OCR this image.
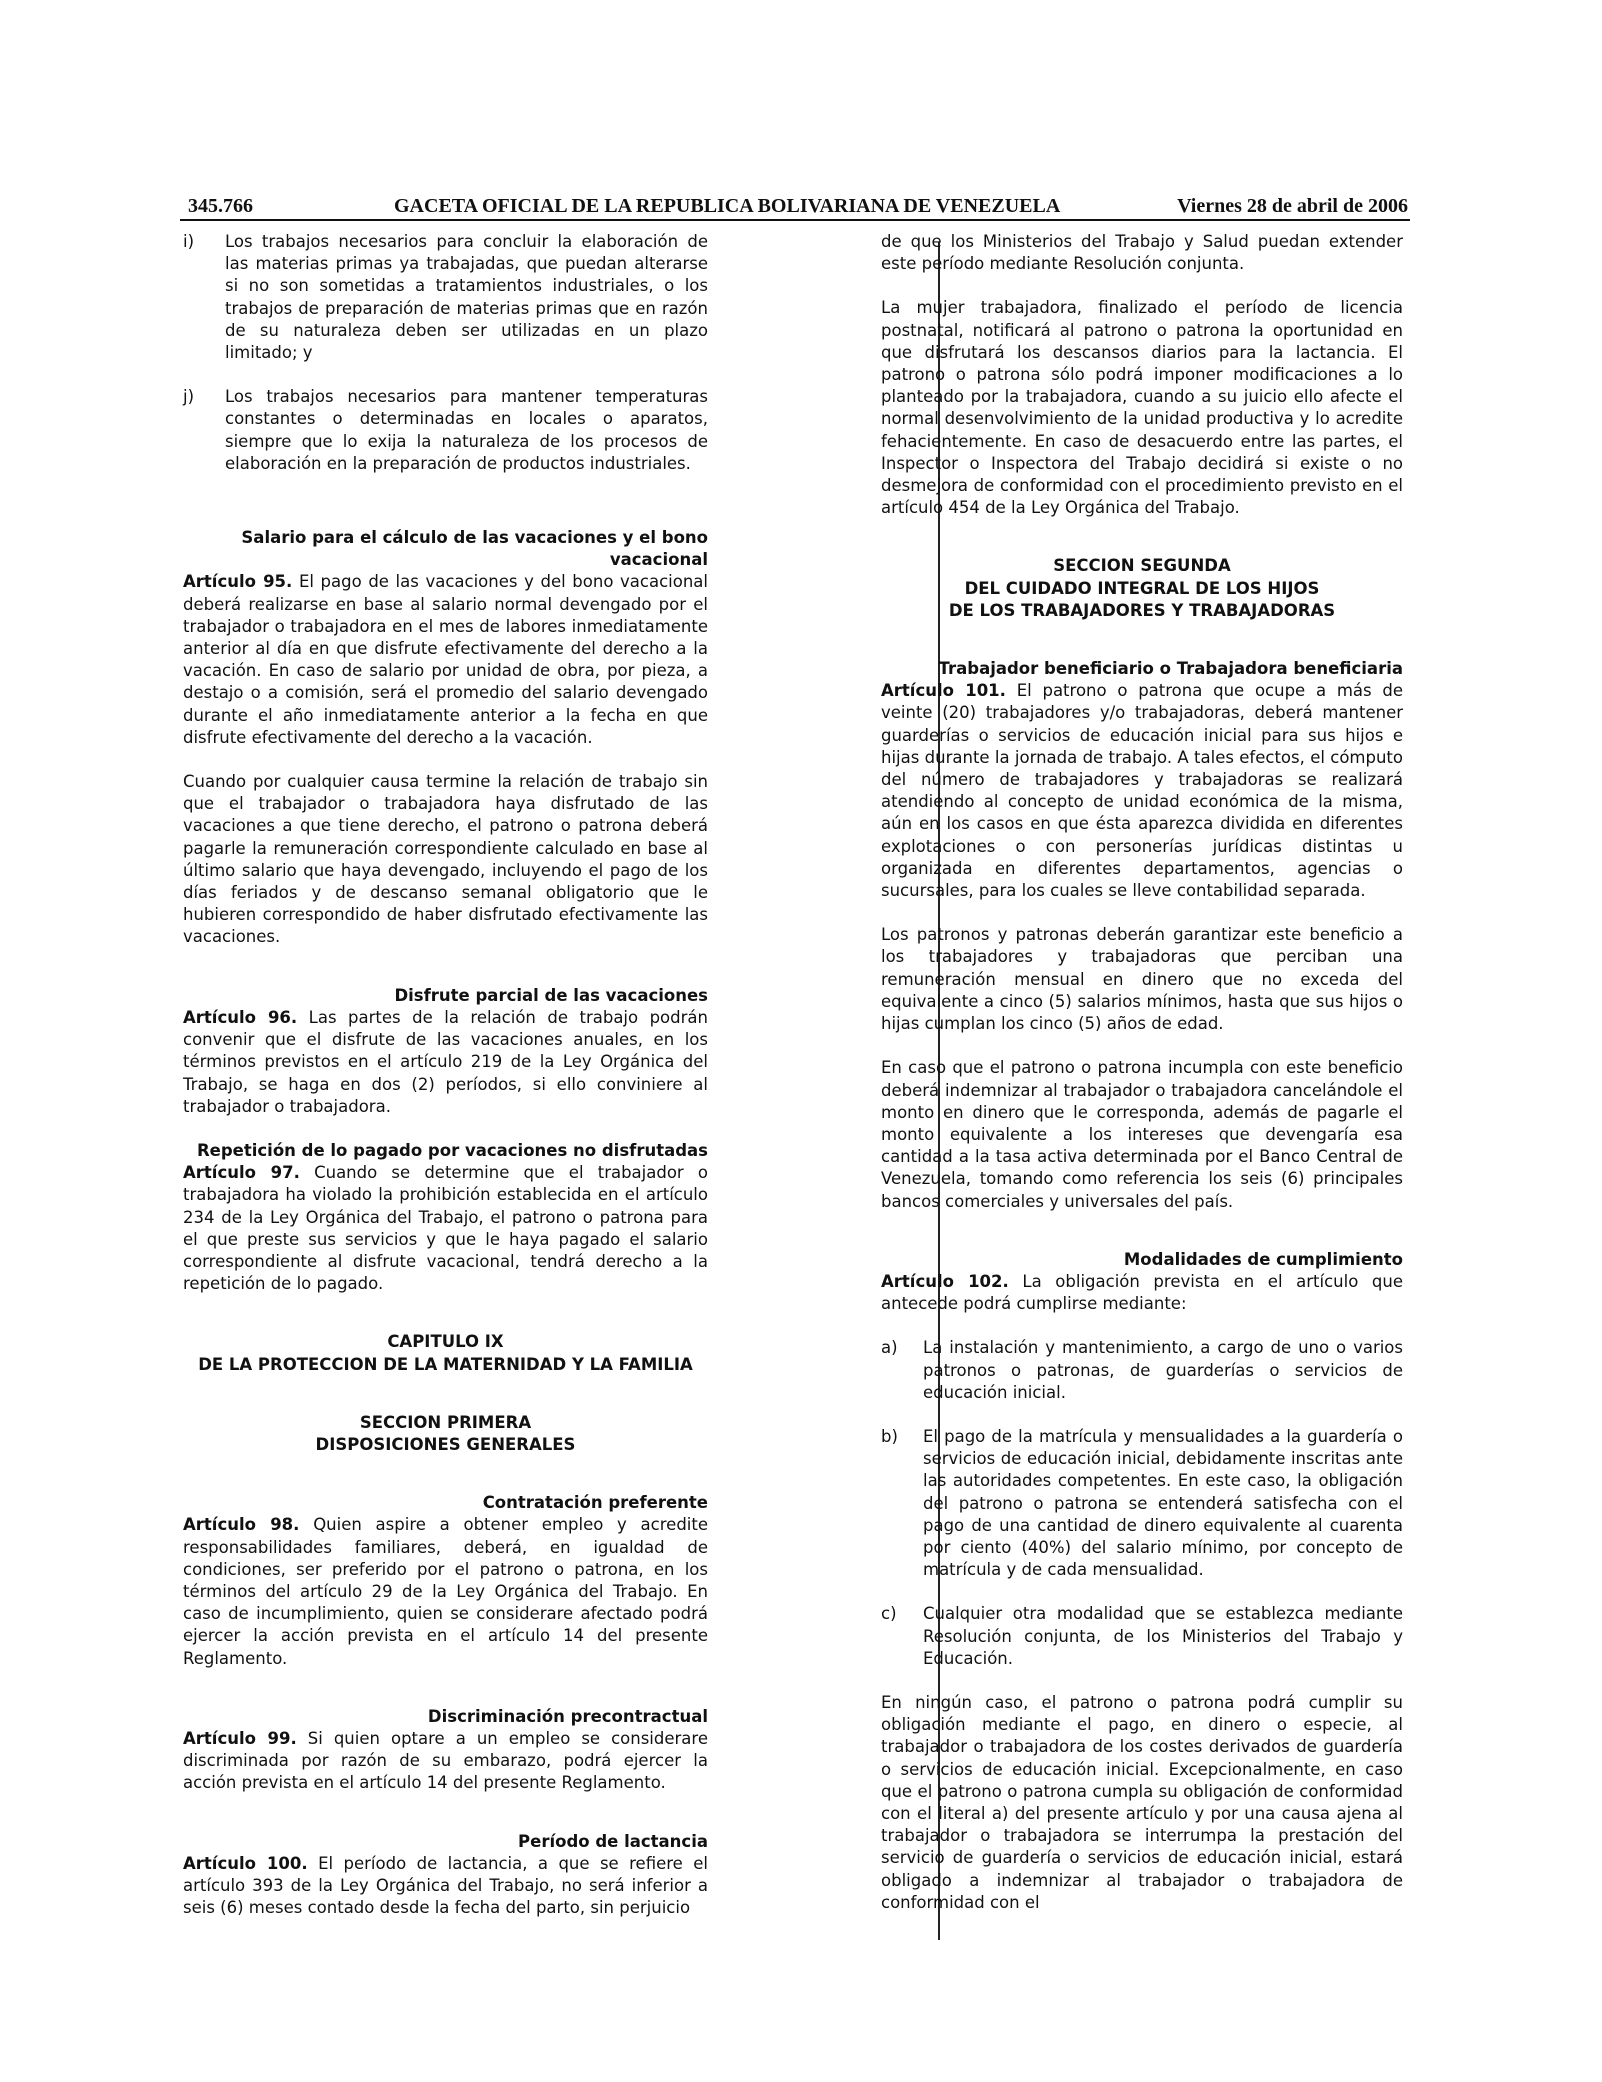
345.766	GACETA OFICIAL DE LA REPUBLICA BOLIVARIANA DE VENEZUELA	Viernes 28 de abril de 2006
i)	Los trabajos necesarios para concluir la elaboración de las materias primas ya trabajadas, que puedan alterarse si no son sometidas a tratamientos industriales, o los trabajos de preparación de materias primas que en razón de su naturaleza deben ser utilizadas en un plazo limitado; y
j)	Los trabajos necesarios para mantener temperaturas constantes o determinadas en locales o aparatos, siempre que lo exija la naturaleza de los procesos de elaboración en la preparación de productos industriales.
Salario para el cálculo de las vacaciones y el bono
vacacional

Artículo 95. El pago de las vacaciones y del bono vacacional deberá realizarse en base al salario normal devengado por el trabajador o trabajadora en el mes de labores inmediatamente anterior al día en que disfrute efectivamente del derecho a la vacación. En caso de salario por unidad de obra, por pieza, a destajo o a comisión, será el promedio del salario devengado durante el año inmediatamente anterior a la fecha en que disfrute efectivamente del derecho a la vacación.

Cuando por cualquier causa termine la relación de trabajo sin que el trabajador o trabajadora haya disfrutado de las vacaciones a que tiene derecho, el patrono o patrona deberá pagarle la remuneración correspondiente calculado en base al último salario que haya devengado, incluyendo el pago de los días feriados y de descanso semanal obligatorio que le hubieren correspondido de haber disfrutado efectivamente las vacaciones.

Disfrute parcial de las vacaciones

Artículo 96. Las partes de la relación de trabajo podrán convenir que el disfrute de las vacaciones anuales, en los términos previstos en el artículo 219 de la Ley Orgánica del Trabajo, se haga en dos (2) períodos, si ello conviniere al trabajador o trabajadora.

Repetición de lo pagado por vacaciones no disfrutadas

Artículo 97. Cuando se determine que el trabajador o trabajadora ha violado la prohibición establecida en el artículo 234 de la Ley Orgánica del Trabajo, el patrono o patrona para el que preste sus servicios y que le haya pagado el salario correspondiente al disfrute vacacional, tendrá derecho a la repetición de lo pagado.

CAPITULO IX
DE LA PROTECCION DE LA MATERNIDAD Y LA FAMILIA
SECCION PRIMERA
DISPOSICIONES GENERALES
Contratación preferente

Artículo 98. Quien aspire a obtener empleo y acredite responsabilidades familiares, deberá, en igualdad de condiciones, ser preferido por el patrono o patrona, en los términos del artículo 29 de la Ley Orgánica del Trabajo. En caso de incumplimiento, quien se considerare afectado podrá ejercer la acción prevista en el artículo 14 del presente Reglamento.

Discriminación precontractual

Artículo 99. Si quien optare a un empleo se considerare discriminada por razón de su embarazo, podrá ejercer la acción prevista en el artículo 14 del presente Reglamento.

Período de lactancia

Artículo 100. El período de lactancia, a que se refiere el artículo 393 de la Ley Orgánica del Trabajo, no será inferior a seis (6) meses contado desde la fecha del parto, sin perjuicio

de que los Ministerios del Trabajo y Salud puedan extender este período mediante Resolución conjunta.

La mujer trabajadora, finalizado el período de licencia postnatal, notificará al patrono o patrona la oportunidad en que disfrutará los descansos diarios para la lactancia. El patrono o patrona sólo podrá imponer modificaciones a lo planteado por la trabajadora, cuando a su juicio ello afecte el normal desenvolvimiento de la unidad productiva y lo acredite fehacientemente. En caso de desacuerdo entre las partes, el Inspector o Inspectora del Trabajo decidirá si existe o no desmejora de conformidad con el procedimiento previsto en el artículo 454 de la Ley Orgánica del Trabajo.

SECCION SEGUNDA
DEL CUIDADO INTEGRAL DE LOS HIJOS
DE LOS TRABAJADORES Y TRABAJADORAS
Trabajador beneficiario o Trabajadora beneficiaria

Artículo 101. El patrono o patrona que ocupe a más de veinte (20) trabajadores y/o trabajadoras, deberá mantener guarderías o servicios de educación inicial para sus hijos e hijas durante la jornada de trabajo. A tales efectos, el cómputo del número de trabajadores y trabajadoras se realizará atendiendo al concepto de unidad económica de la misma, aún en los casos en que ésta aparezca dividida en diferentes explotaciones o con personerías jurídicas distintas u organizada en diferentes departamentos, agencias o sucursales, para los cuales se lleve contabilidad separada.

Los patronos y patronas deberán garantizar este beneficio a los trabajadores y trabajadoras que perciban una remuneración mensual en dinero que no exceda del equivalente a cinco (5) salarios mínimos, hasta que sus hijos o hijas cumplan los cinco (5) años de edad.

En caso que el patrono o patrona incumpla con este beneficio deberá indemnizar al trabajador o trabajadora cancelándole el monto en dinero que le corresponda, además de pagarle el monto equivalente a los intereses que devengaría esa cantidad a la tasa activa determinada por el Banco Central de Venezuela, tomando como referencia los seis (6) principales bancos comerciales y universales del país.

Modalidades de cumplimiento

Artículo 102. La obligación prevista en el artículo que antecede podrá cumplirse mediante:

a)	La instalación y mantenimiento, a cargo de uno o varios patronos o patronas, de guarderías o servicios de educación inicial.
b)	El pago de la matrícula y mensualidades a la guardería o servicios de educación inicial, debidamente inscritas ante las autoridades competentes. En este caso, la obligación del patrono o patrona se entenderá satisfecha con el pago de una cantidad de dinero equivalente al cuarenta por ciento (40%) del salario mínimo, por concepto de matrícula y de cada mensualidad.
c)	Cualquier otra modalidad que se establezca mediante Resolución conjunta, de los Ministerios del Trabajo y Educación.

En ningún caso, el patrono o patrona podrá cumplir su obligación mediante el pago, en dinero o especie, al trabajador o trabajadora de los costes derivados de guardería o servicios de educación inicial. Excepcionalmente, en caso que el patrono o patrona cumpla su obligación de conformidad con el literal a) del presente artículo y por una causa ajena al trabajador o trabajadora se interrumpa la prestación del servicio de guardería o servicios de educación inicial, estará obligado a indemnizar al trabajador o trabajadora de conformidad con el
